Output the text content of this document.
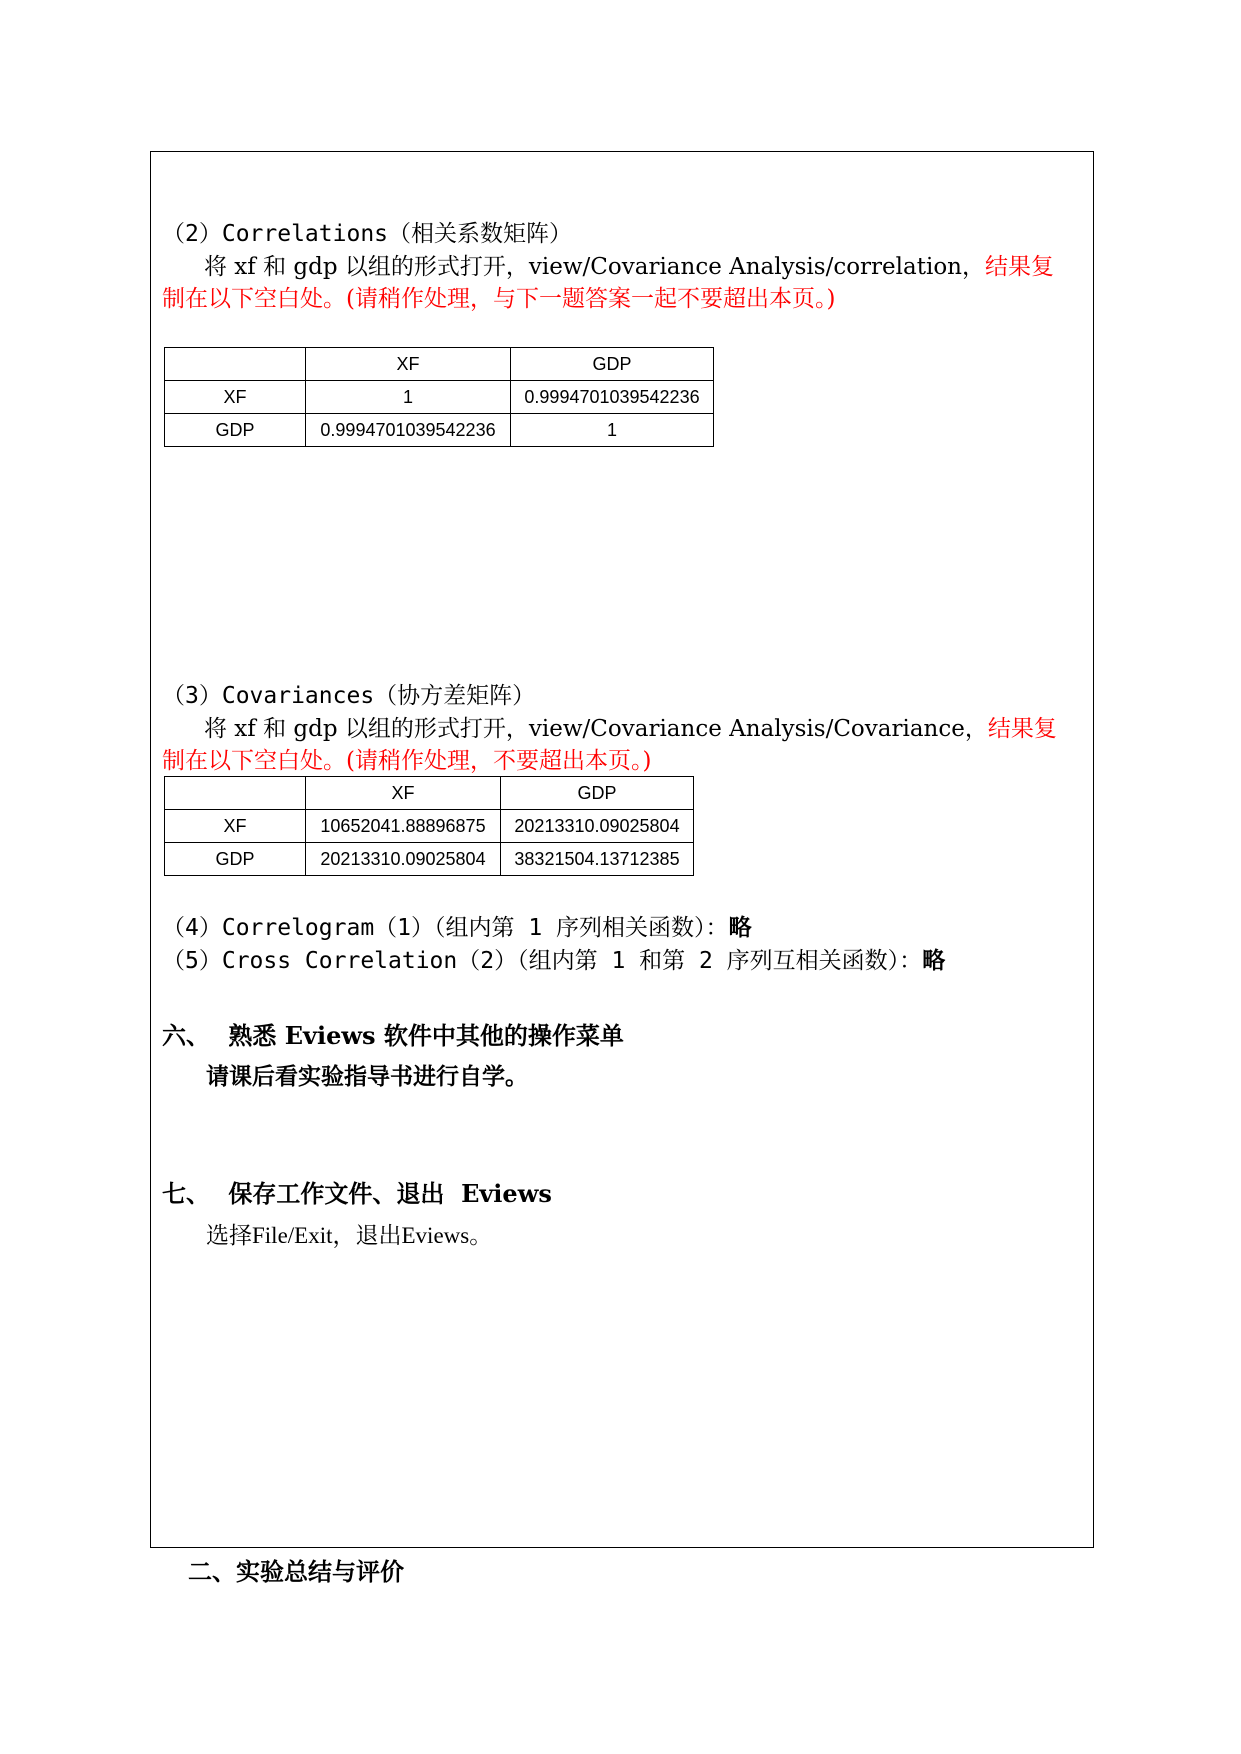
（2）Correlations（相关系数矩阵）
将 xf 和 gdp 以组的形式打开，view/Covariance Analysis/correlation，结果复
制在以下空白处。(请稍作处理，与下一题答案一起不要超出本页。)
	XF	GDP
XF	1	0.9994701039542236
GDP	0.9994701039542236	1
（3）Covariances（协方差矩阵）
将 xf 和 gdp 以组的形式打开，view/Covariance Analysis/Covariance，结果复
制在以下空白处。(请稍作处理，不要超出本页。)
	XF	GDP
XF	10652041.88896875	20213310.09025804
GDP	20213310.09025804	38321504.13712385
（4）Correlogram（1）（组内第 1 序列相关函数）：略
（5）Cross Correlation（2）（组内第 1 和第 2 序列互相关函数）：略
六、 熟悉 Eviews 软件中其他的操作菜单
请课后看实验指导书进行自学。
七、 保存工作文件、退出  Eviews
选择File/Exit，退出Eviews。
二、实验总结与评价
